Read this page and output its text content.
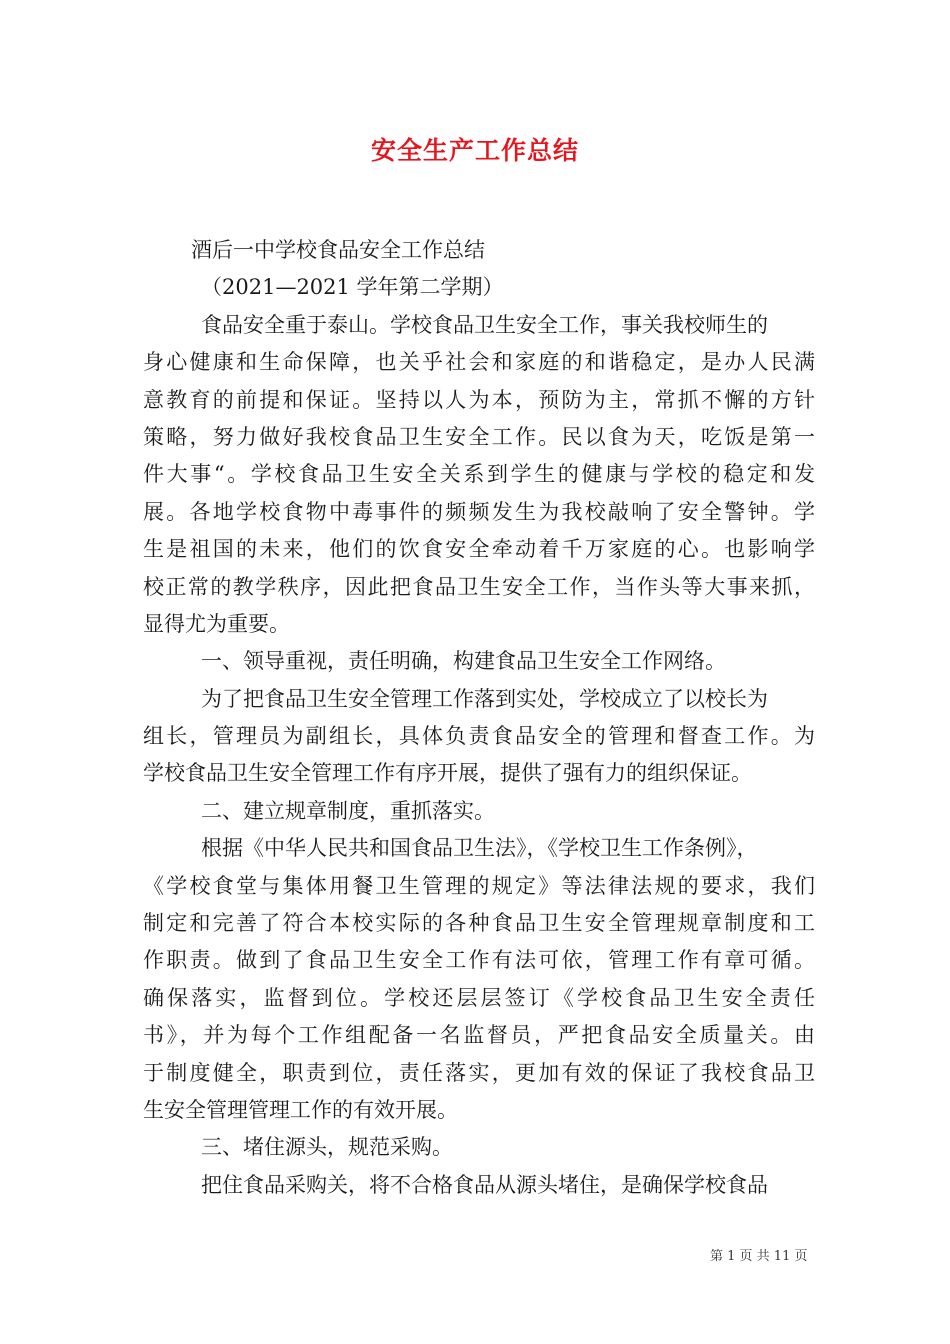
安全生产工作总结
酒后一中学校食品安全工作总结
（2021—2021 学年第二学期）
食品安全重于泰山。学校食品卫生安全工作，事关我校师生的
身心健康和生命保障，也关乎社会和家庭的和谐稳定，是办人民满
意教育的前提和保证。坚持以人为本，预防为主，常抓不懈的方针
策略，努力做好我校食品卫生安全工作。民以食为天，吃饭是第一
件大事“。学校食品卫生安全关系到学生的健康与学校的稳定和发
展。各地学校食物中毒事件的频频发生为我校敲响了安全警钟。学
生是祖国的未来，他们的饮食安全牵动着千万家庭的心。也影响学
校正常的教学秩序，因此把食品卫生安全工作，当作头等大事来抓，
显得尤为重要。
一、领导重视，责任明确，构建食品卫生安全工作网络。
为了把食品卫生安全管理工作落到实处，学校成立了以校长为
组长，管理员为副组长，具体负责食品安全的管理和督查工作。为
学校食品卫生安全管理工作有序开展，提供了强有力的组织保证。
二、建立规章制度，重抓落实。
根据《中华人民共和国食品卫生法》，《学校卫生工作条例》，
《学校食堂与集体用餐卫生管理的规定》等法律法规的要求，我们
制定和完善了符合本校实际的各种食品卫生安全管理规章制度和工
作职责。做到了食品卫生安全工作有法可依，管理工作有章可循。
确保落实，监督到位。学校还层层签订《学校食品卫生安全责任
书》，并为每个工作组配备一名监督员，严把食品安全质量关。由
于制度健全，职责到位，责任落实，更加有效的保证了我校食品卫
生安全管理管理工作的有效开展。
三、堵住源头，规范采购。
把住食品采购关，将不合格食品从源头堵住，是确保学校食品
第 1 页 共 11 页
